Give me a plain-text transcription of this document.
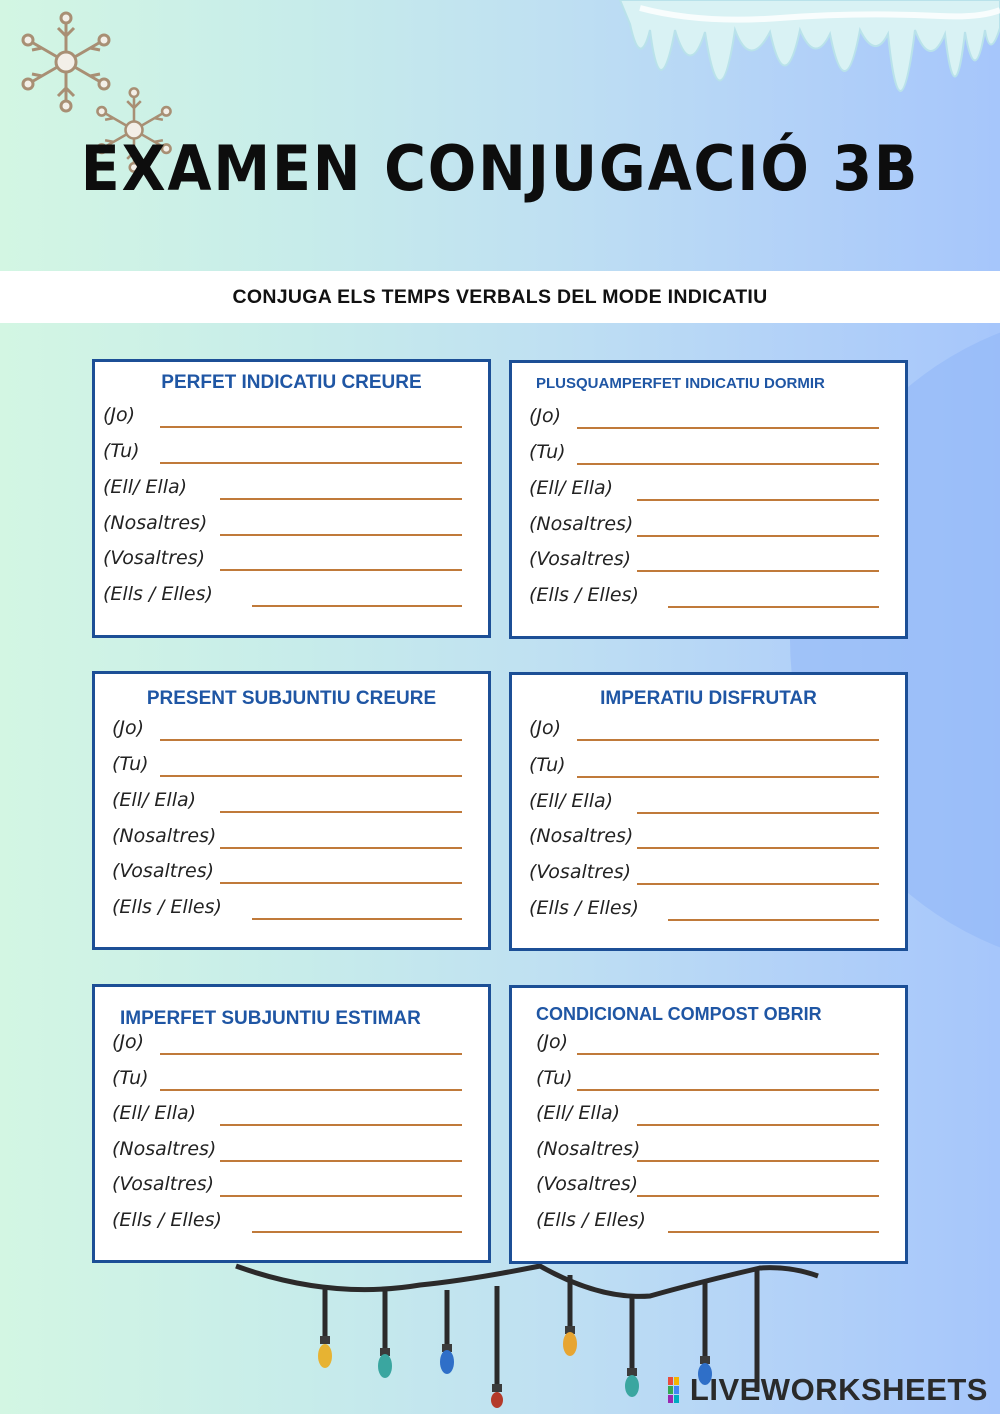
EXAMEN CONJUGACIÓ 3B
CONJUGA ELS TEMPS VERBALS DEL MODE INDICATIU
PERFET INDICATIU CREURE	PLUSQUAMPERFET INDICATIU DORMIR
PRESENT SUBJUNTIU CREURE	IMPERATIU DISFRUTAR
IMPERFET SUBJUNTIU ESTIMAR	CONDICIONAL COMPOST OBRIR
(Jo)
(Tu)
(Ell/ Ella)
(Nosaltres)
(Vosaltres)
(Ells / Elles)
(Jo)
(Tu)
(Ell/ Ella)
(Nosaltres)
(Vosaltres)
(Ells / Elles)
(Jo)
(Tu)
(Ell/ Ella)
(Nosaltres)
(Vosaltres)
(Ells / Elles)
(Jo)
(Tu)
(Ell/ Ella)
(Nosaltres)
(Vosaltres)
(Ells / Elles)
(Jo)
(Tu)
(Ell/ Ella)
(Nosaltres)
(Vosaltres)
(Ells / Elles)
(Jo)
(Tu)
(Ell/ Ella)
(Nosaltres)
(Vosaltres)
(Ells / Elles)
LIVEWORKSHEETS
